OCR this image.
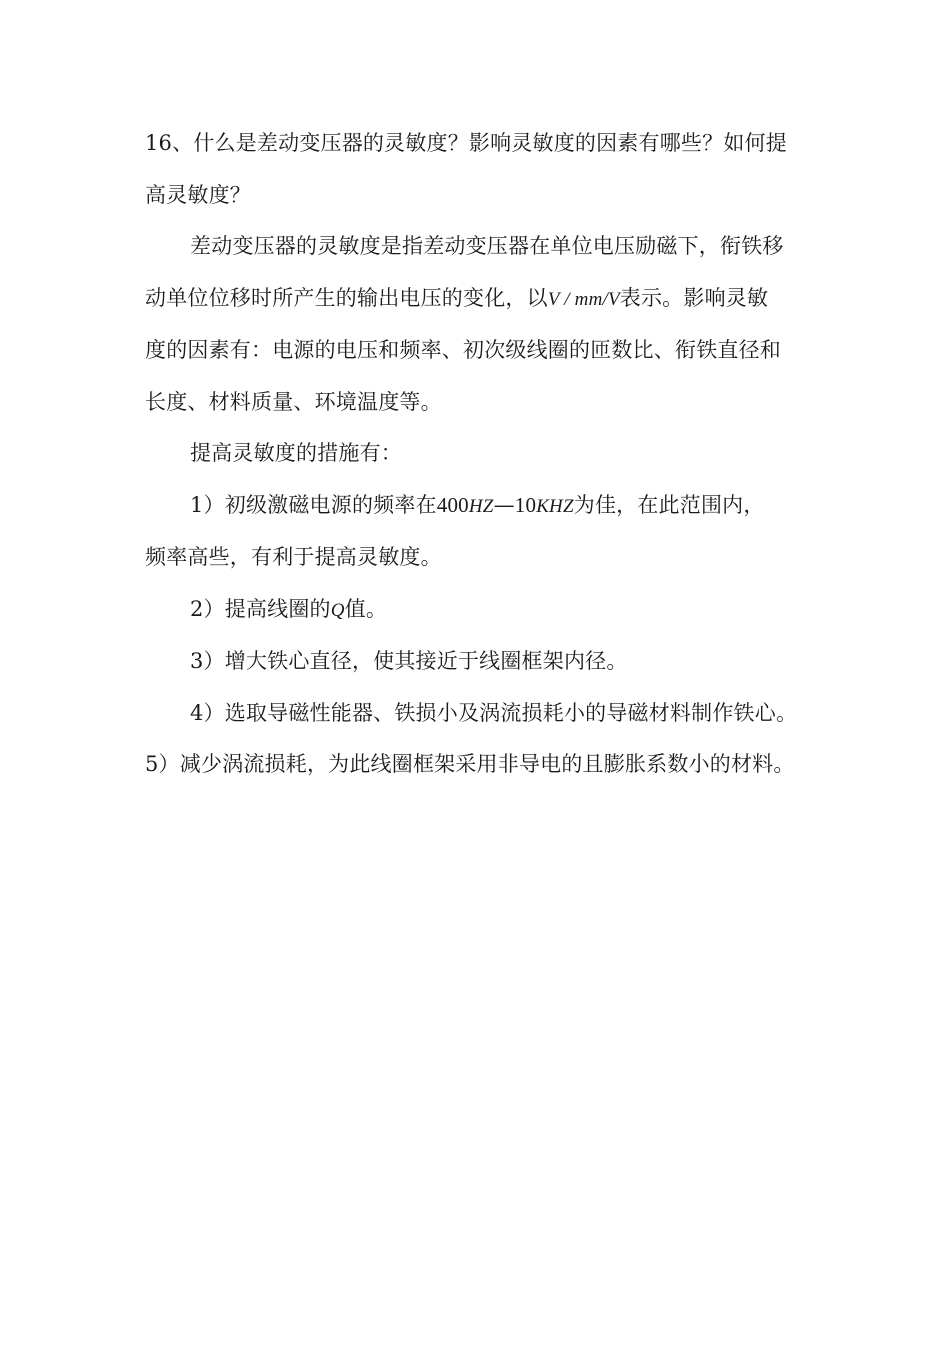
16、什么是差动变压器的灵敏度？影响灵敏度的因素有哪些？如何提
高灵敏度？
差动变压器的灵敏度是指差动变压器在单位电压励磁下，衔铁移
动单位位移时所产生的输出电压的变化，以V / mm/V表示。影响灵敏
度的因素有：电源的电压和频率、初次级线圈的匝数比、衔铁直径和
长度、材料质量、环境温度等。
提高灵敏度的措施有：
1）初级激磁电源的频率在400HZ—10KHZ为佳，在此范围内，
频率高些，有利于提高灵敏度。
2）提高线圈的Q值。
3）增大铁心直径，使其接近于线圈框架内径。
4）选取导磁性能器、铁损小及涡流损耗小的导磁材料制作铁心。
5）减少涡流损耗，为此线圈框架采用非导电的且膨胀系数小的材料。
